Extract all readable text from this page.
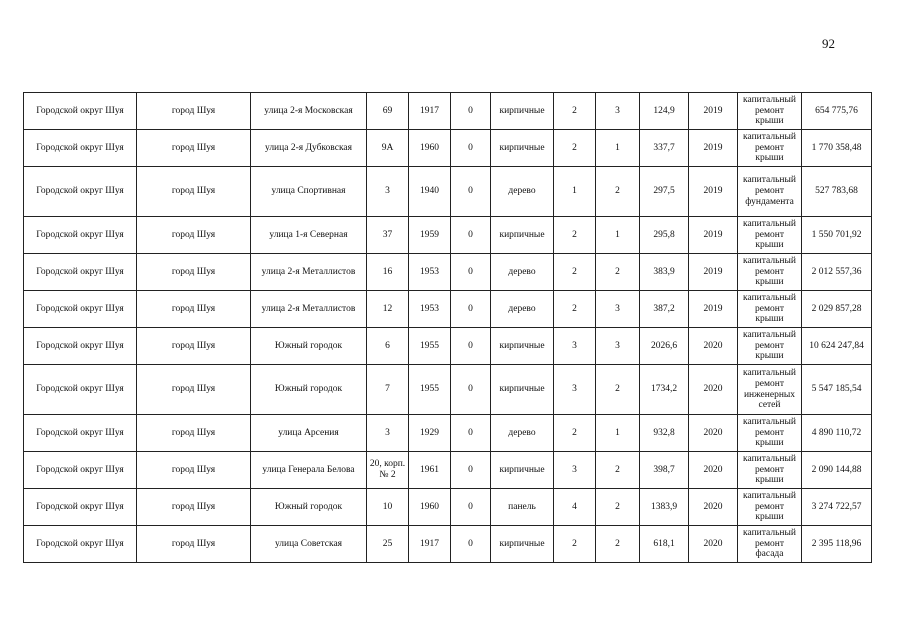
92
Городской округ Шуя	город Шуя	улица 2-я Московская	69	1917	0	кирпичные	2	3	124,9	2019	капитальный ремонт крыши	654 775,76
Городской округ Шуя	город Шуя	улица 2-я Дубковская	9А	1960	0	кирпичные	2	1	337,7	2019	капитальный ремонт крыши	1 770 358,48
Городской округ Шуя	город Шуя	улица Спортивная	3	1940	0	дерево	1	2	297,5	2019	капитальный ремонт фундамента	527 783,68
Городской округ Шуя	город Шуя	улица 1-я Северная	37	1959	0	кирпичные	2	1	295,8	2019	капитальный ремонт крыши	1 550 701,92
Городской округ Шуя	город Шуя	улица 2-я Металлистов	16	1953	0	дерево	2	2	383,9	2019	капитальный ремонт крыши	2 012 557,36
Городской округ Шуя	город Шуя	улица 2-я Металлистов	12	1953	0	дерево	2	3	387,2	2019	капитальный ремонт крыши	2 029 857,28
Городской округ Шуя	город Шуя	Южный городок	6	1955	0	кирпичные	3	3	2026,6	2020	капитальный ремонт крыши	10 624 247,84
Городской округ Шуя	город Шуя	Южный городок	7	1955	0	кирпичные	3	2	1734,2	2020	капитальный ремонт инженерных сетей	5 547 185,54
Городской округ Шуя	город Шуя	улица Арсения	3	1929	0	дерево	2	1	932,8	2020	капитальный ремонт крыши	4 890 110,72
Городской округ Шуя	город Шуя	улица Генерала Белова	20, корп. № 2	1961	0	кирпичные	3	2	398,7	2020	капитальный ремонт крыши	2 090 144,88
Городской округ Шуя	город Шуя	Южный городок	10	1960	0	панель	4	2	1383,9	2020	капитальный ремонт крыши	3 274 722,57
Городской округ Шуя	город Шуя	улица Советская	25	1917	0	кирпичные	2	2	618,1	2020	капитальный ремонт фасада	2 395 118,96
